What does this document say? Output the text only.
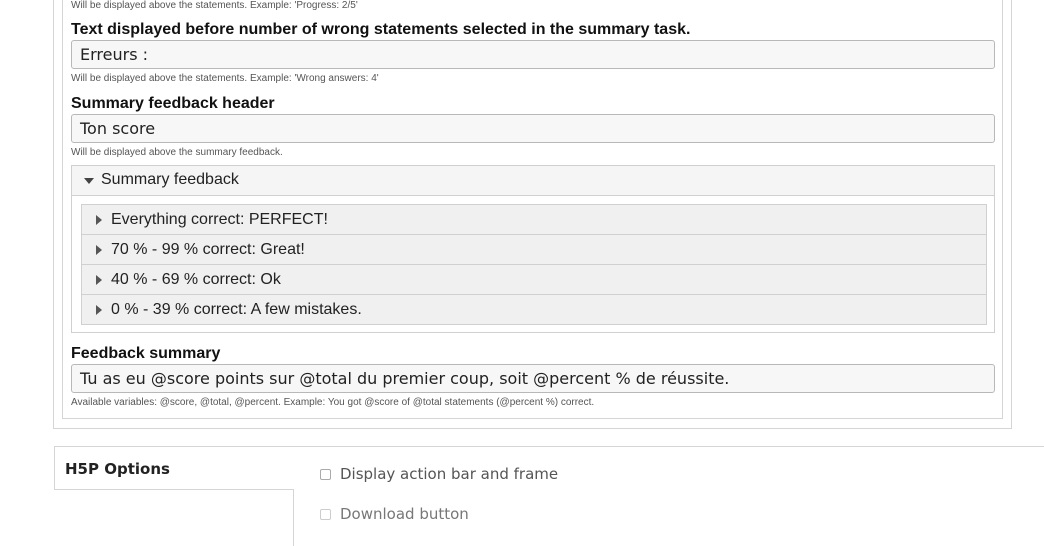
Will be displayed above the statements. Example: 'Progress: 2/5'
Text displayed before number of wrong statements selected in the summary task.
Erreurs :
Will be displayed above the statements. Example: 'Wrong answers: 4'
Summary feedback header
Ton score
Will be displayed above the summary feedback.
Summary feedback
Everything correct: PERFECT!
70 % - 99 % correct: Great!
40 % - 69 % correct: Ok
0 % - 39 % correct: A few mistakes.
Feedback summary
Tu as eu @score points sur @total du premier coup, soit @percent % de réussite.
Available variables: @score, @total, @percent. Example: You got @score of @total statements (@percent %) correct.
H5P Options	Display action bar and frame
Download button
